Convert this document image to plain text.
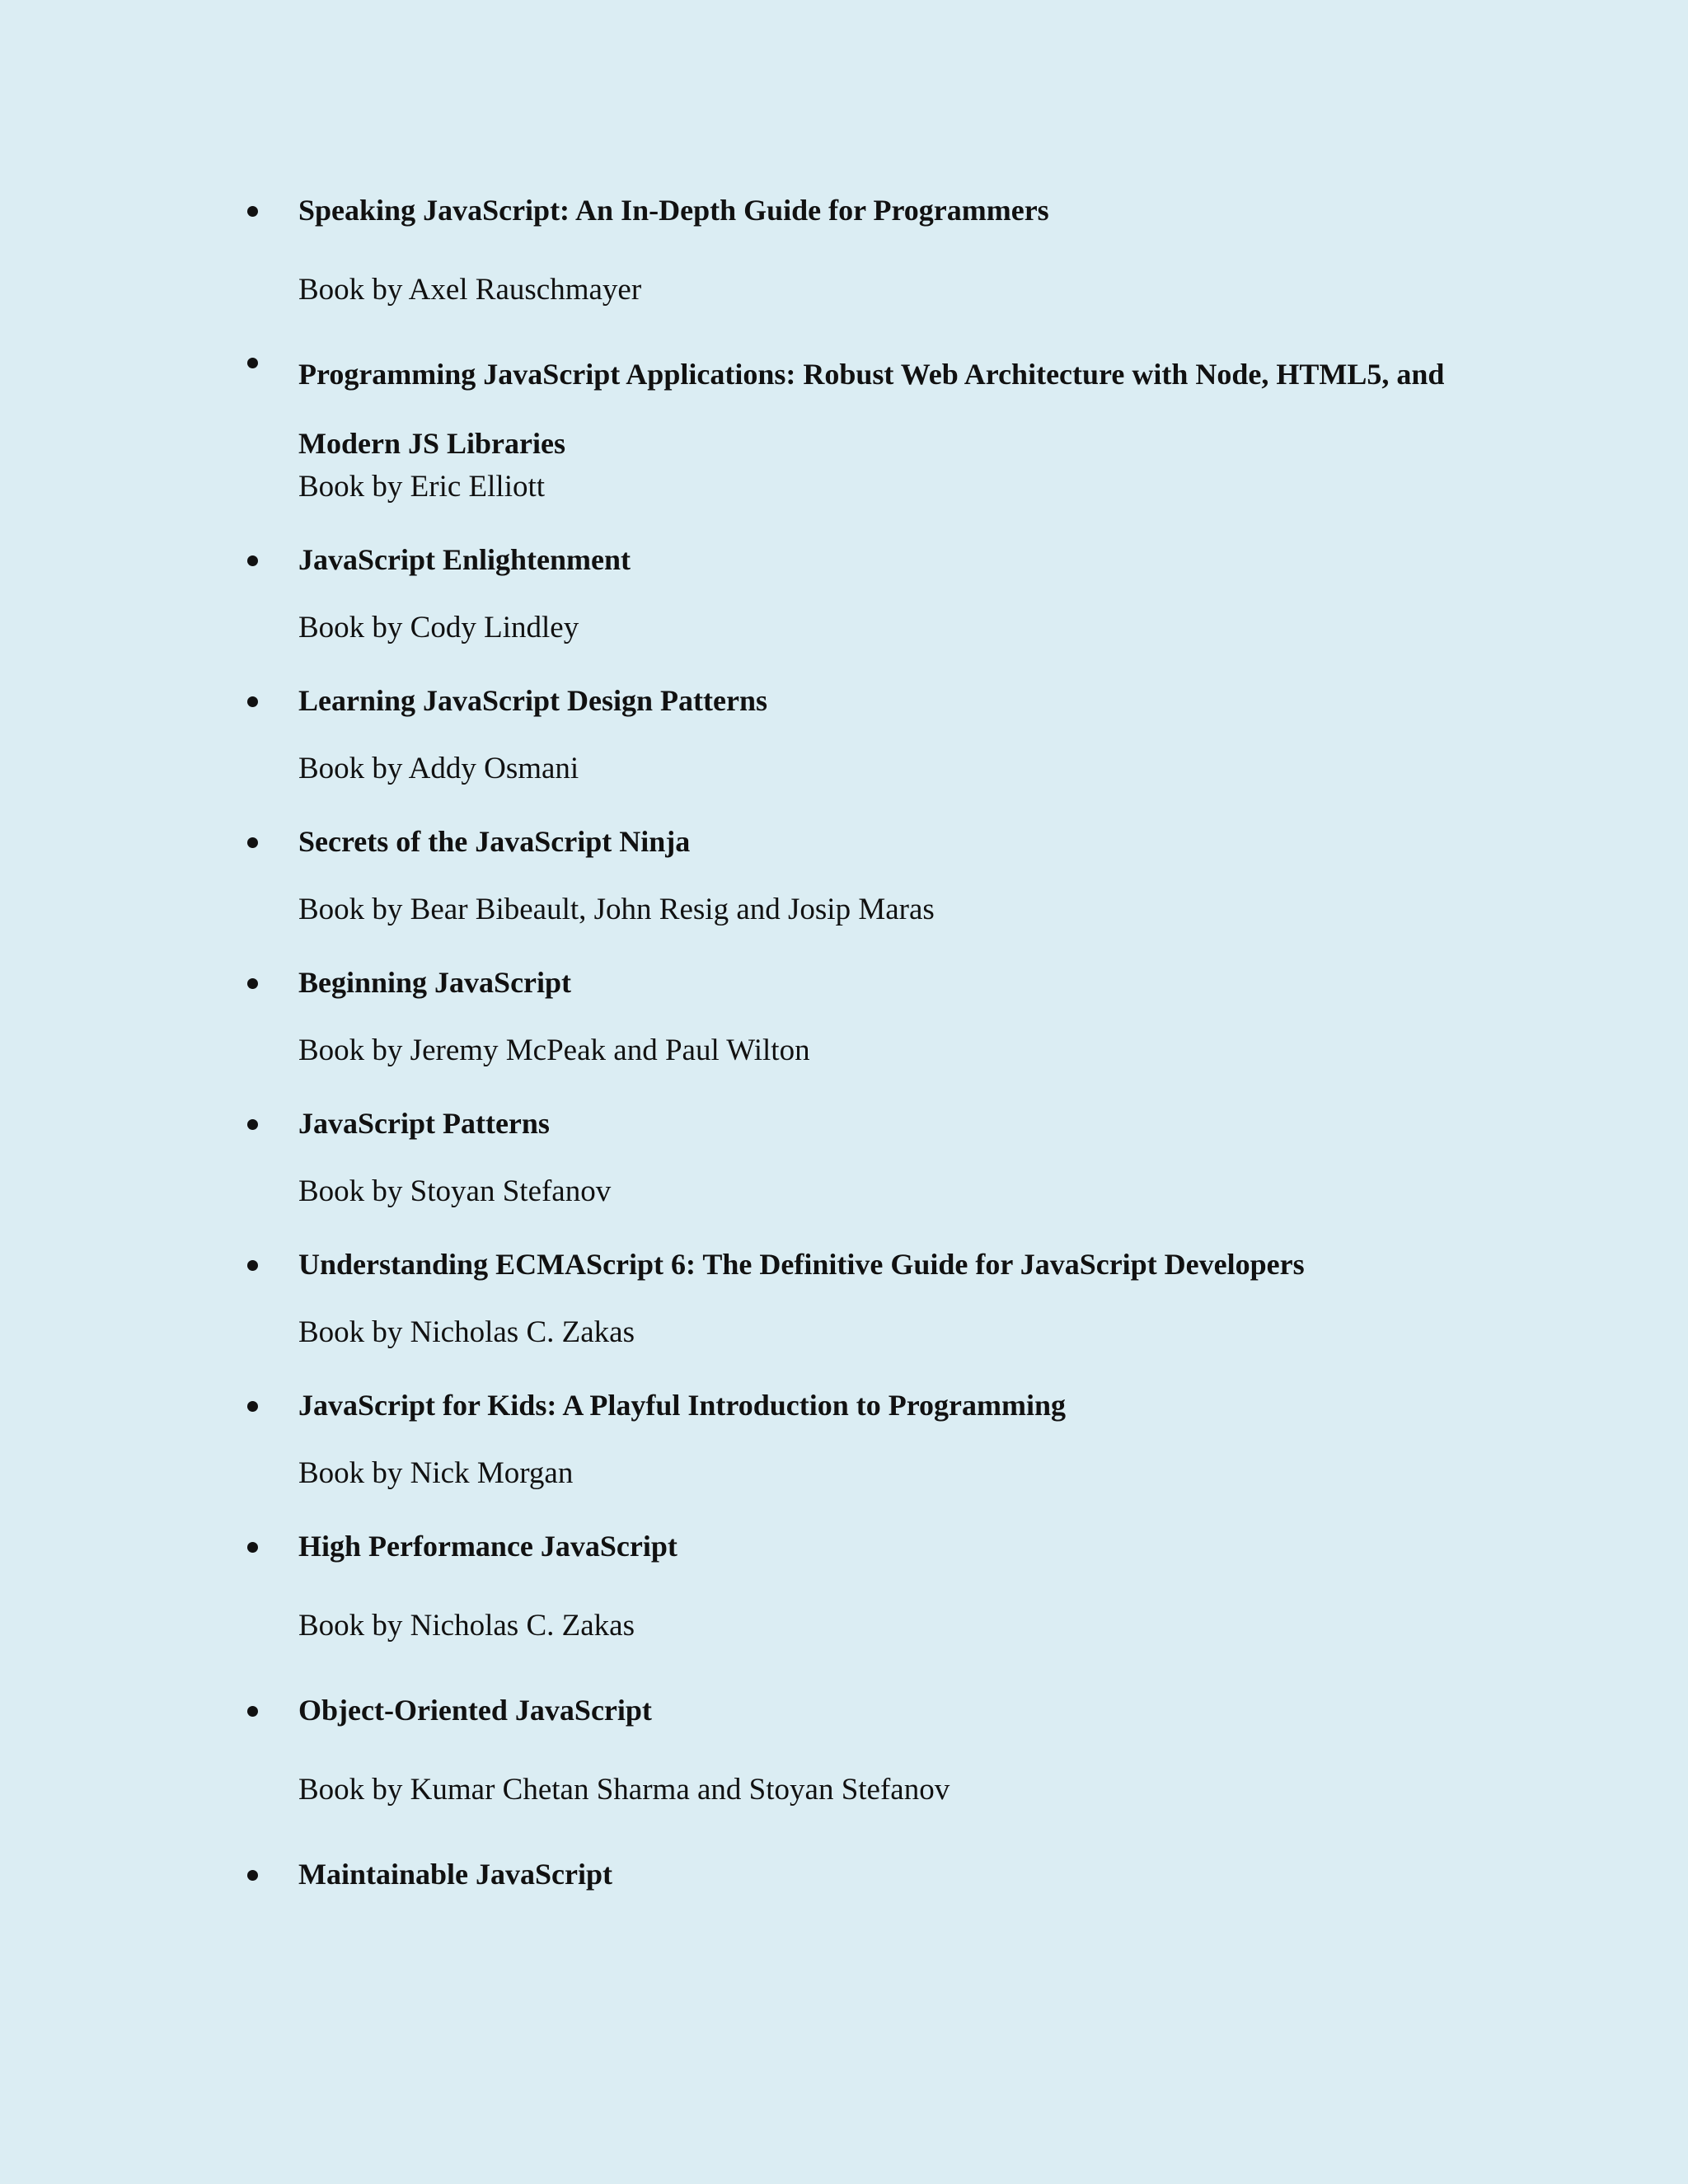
Speaking JavaScript: An In-Depth Guide for Programmers
Book by Axel Rauschmayer
Programming JavaScript Applications: Robust Web Architecture with Node, HTML5, and Modern JS Libraries
Book by Eric Elliott
JavaScript Enlightenment
Book by Cody Lindley
Learning JavaScript Design Patterns
Book by Addy Osmani
Secrets of the JavaScript Ninja
Book by Bear Bibeault, John Resig and Josip Maras
Beginning JavaScript
Book by Jeremy McPeak and Paul Wilton
JavaScript Patterns
Book by Stoyan Stefanov
Understanding ECMAScript 6: The Definitive Guide for JavaScript Developers
Book by Nicholas C. Zakas
JavaScript for Kids: A Playful Introduction to Programming
Book by Nick Morgan
High Performance JavaScript
Book by Nicholas C. Zakas
Object-Oriented JavaScript
Book by Kumar Chetan Sharma and Stoyan Stefanov
Maintainable JavaScript
